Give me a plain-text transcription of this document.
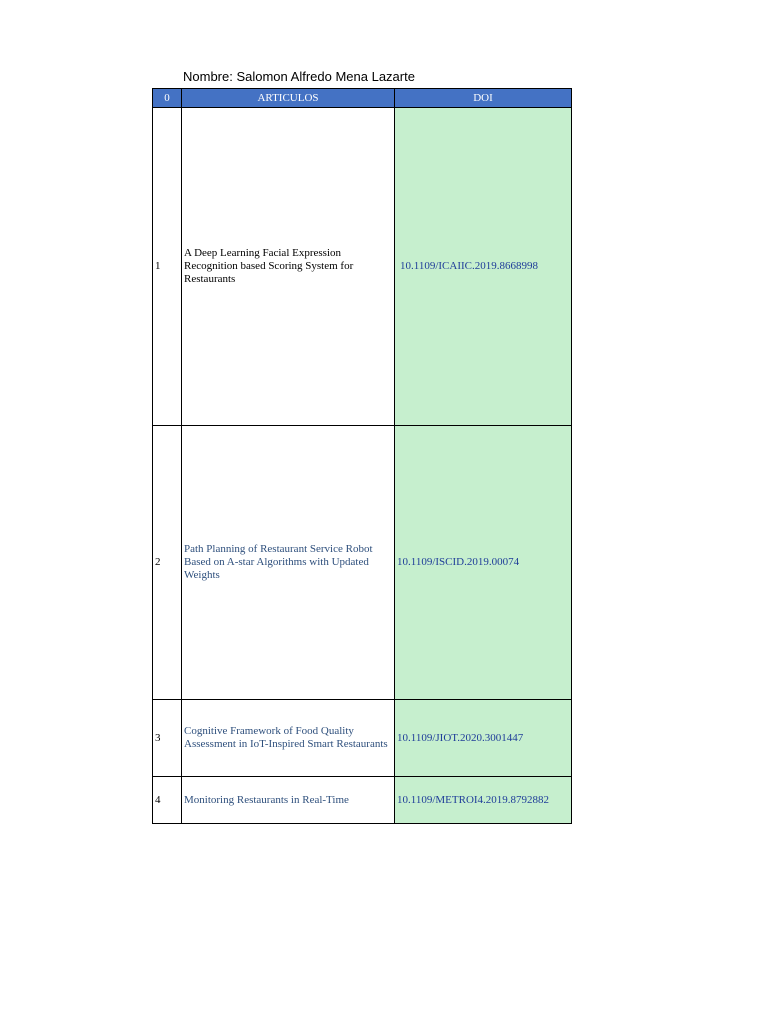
Nombre: Salomon Alfredo Mena Lazarte
0	ARTICULOS	DOI
1	A Deep Learning Facial Expression Recognition based Scoring System for Restaurants	10.1109/ICAIIC.2019.8668998
2	Path Planning of Restaurant Service Robot Based on A-star Algorithms with Updated Weights	10.1109/ISCID.2019.00074
3	Cognitive Framework of Food Quality Assessment in IoT-Inspired Smart Restaurants	10.1109/JIOT.2020.3001447
4	Monitoring Restaurants in Real-Time	10.1109/METROI4.2019.8792882
